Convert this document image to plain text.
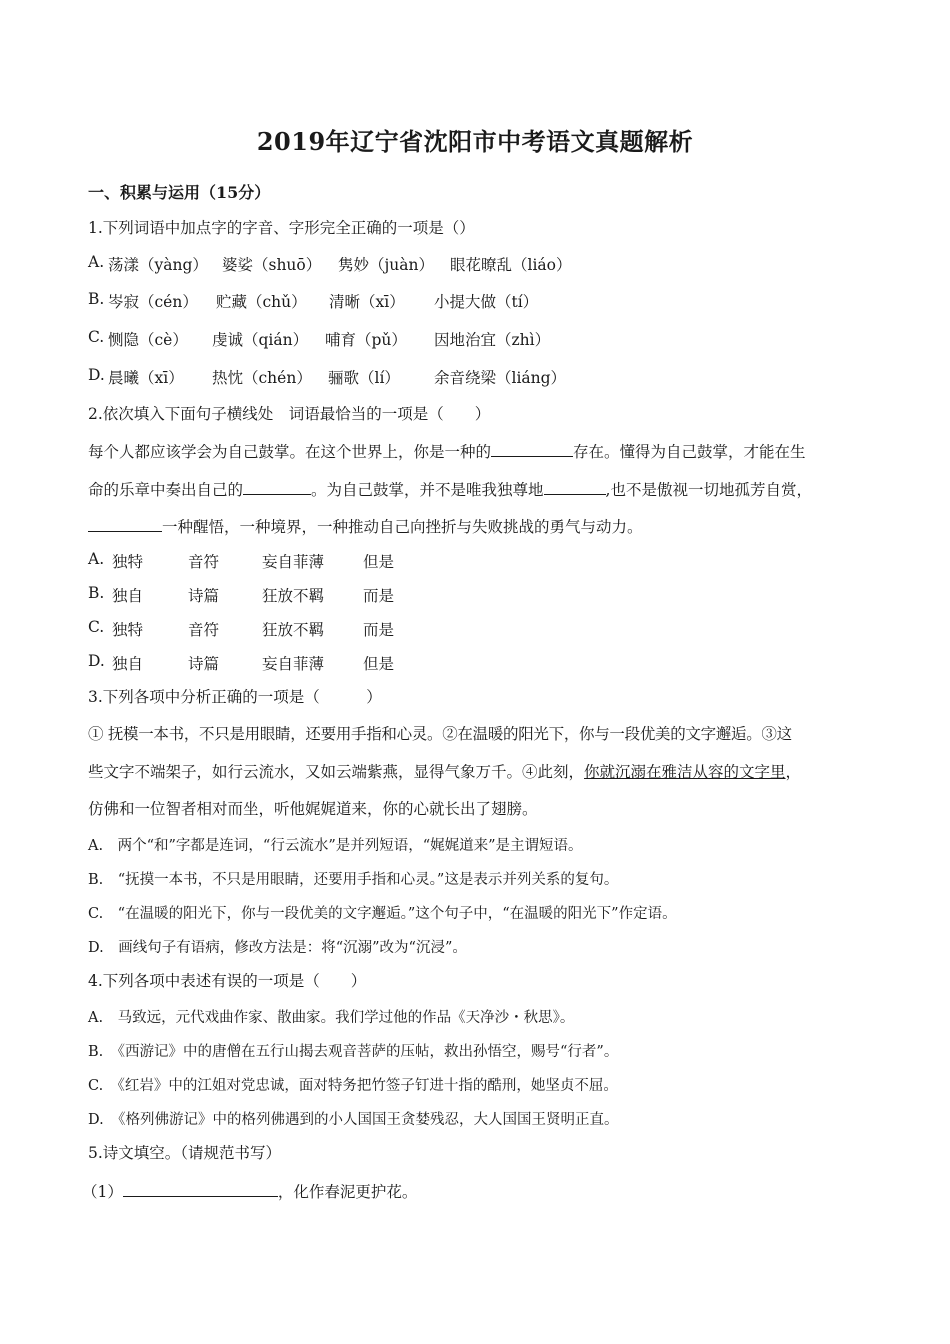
2019年辽宁省沈阳市中考语文真题解析
一、积累与运用（15分）
1.下列词语中加点字的字音、字形完全正确的一项是（）
A. 荡漾（yàng） 婆娑（shuō） 隽妙（juàn） 眼花暸乱（liáo）
B. 岑寂（cén） 贮藏（chǔ） 清晰（xī） 小提大做（tí）
C. 恻隐（cè） 虔诚（qián） 哺育（pǔ） 因地治宜（zhì）
D. 晨曦（xī） 热忱（chén） 骊歌（lí） 余音绕梁（liáng）
2.依次填入下面句子横线处　词语最恰当的一项是（　　）
每个人都应该学会为自己鼓掌。在这个世界上，你是一种的	存在。懂得为自己鼓掌，才能在生
命的乐章中奏出自己的	。为自己鼓掌，并不是唯我独尊地	,也不是傲视一切地孤芳自赏，
一种醒悟，一种境界，一种推动自己向挫折与失败挑战的勇气与动力。
A. 独特	音符	妄自菲薄	但是
B. 独自	诗篇	狂放不羁	而是
C. 独特	音符	狂放不羁	而是
D. 独自	诗篇	妄自菲薄	但是
3.下列各项中分析正确的一项是（　　　）
① 抚模一本书，不只是用眼睛，还要用手指和心灵。②在温暖的阳光下，你与一段优美的文字邂逅。③这
些文字不端架子，如行云流水，又如云端紫燕，显得气象万千。④此刻，你就沉溺在雅洁从容的文字里，
仿佛和一位智者相对而坐，听他娓娓道来，你的心就长出了翅膀。
A.　两个“和”字都是连词，“行云流水”是并列短语，“娓娓道来”是主谓短语。
B.　“抚摸一本书，不只是用眼睛，还要用手指和心灵。”这是表示并列关系的复句。
C.　“在温暖的阳光下，你与一段优美的文字邂逅。”这个句子中，“在温暖的阳光下”作定语。
D.　画线句子有语病，修改方法是：将“沉溺”改为“沉浸”。
4.下列各项中表述有误的一项是（　　）
A.　马致远，元代戏曲作家、散曲家。我们学过他的作品《天净沙・秋思》。
B.　《西游记》中的唐僧在五行山揭去观音菩萨的压帖，救出孙悟空，赐号“行者”。
C.　《红岩》中的江姐对党忠诚，面对特务把竹签子钉进十指的酷刑，她坚贞不屈。
D.　《格列佛游记》中的格列佛遇到的小人国国王贪婪残忍，大人国国王贤明正直。
5.诗文填空。（请规范书写）
（1）	，化作春泥更护花。
